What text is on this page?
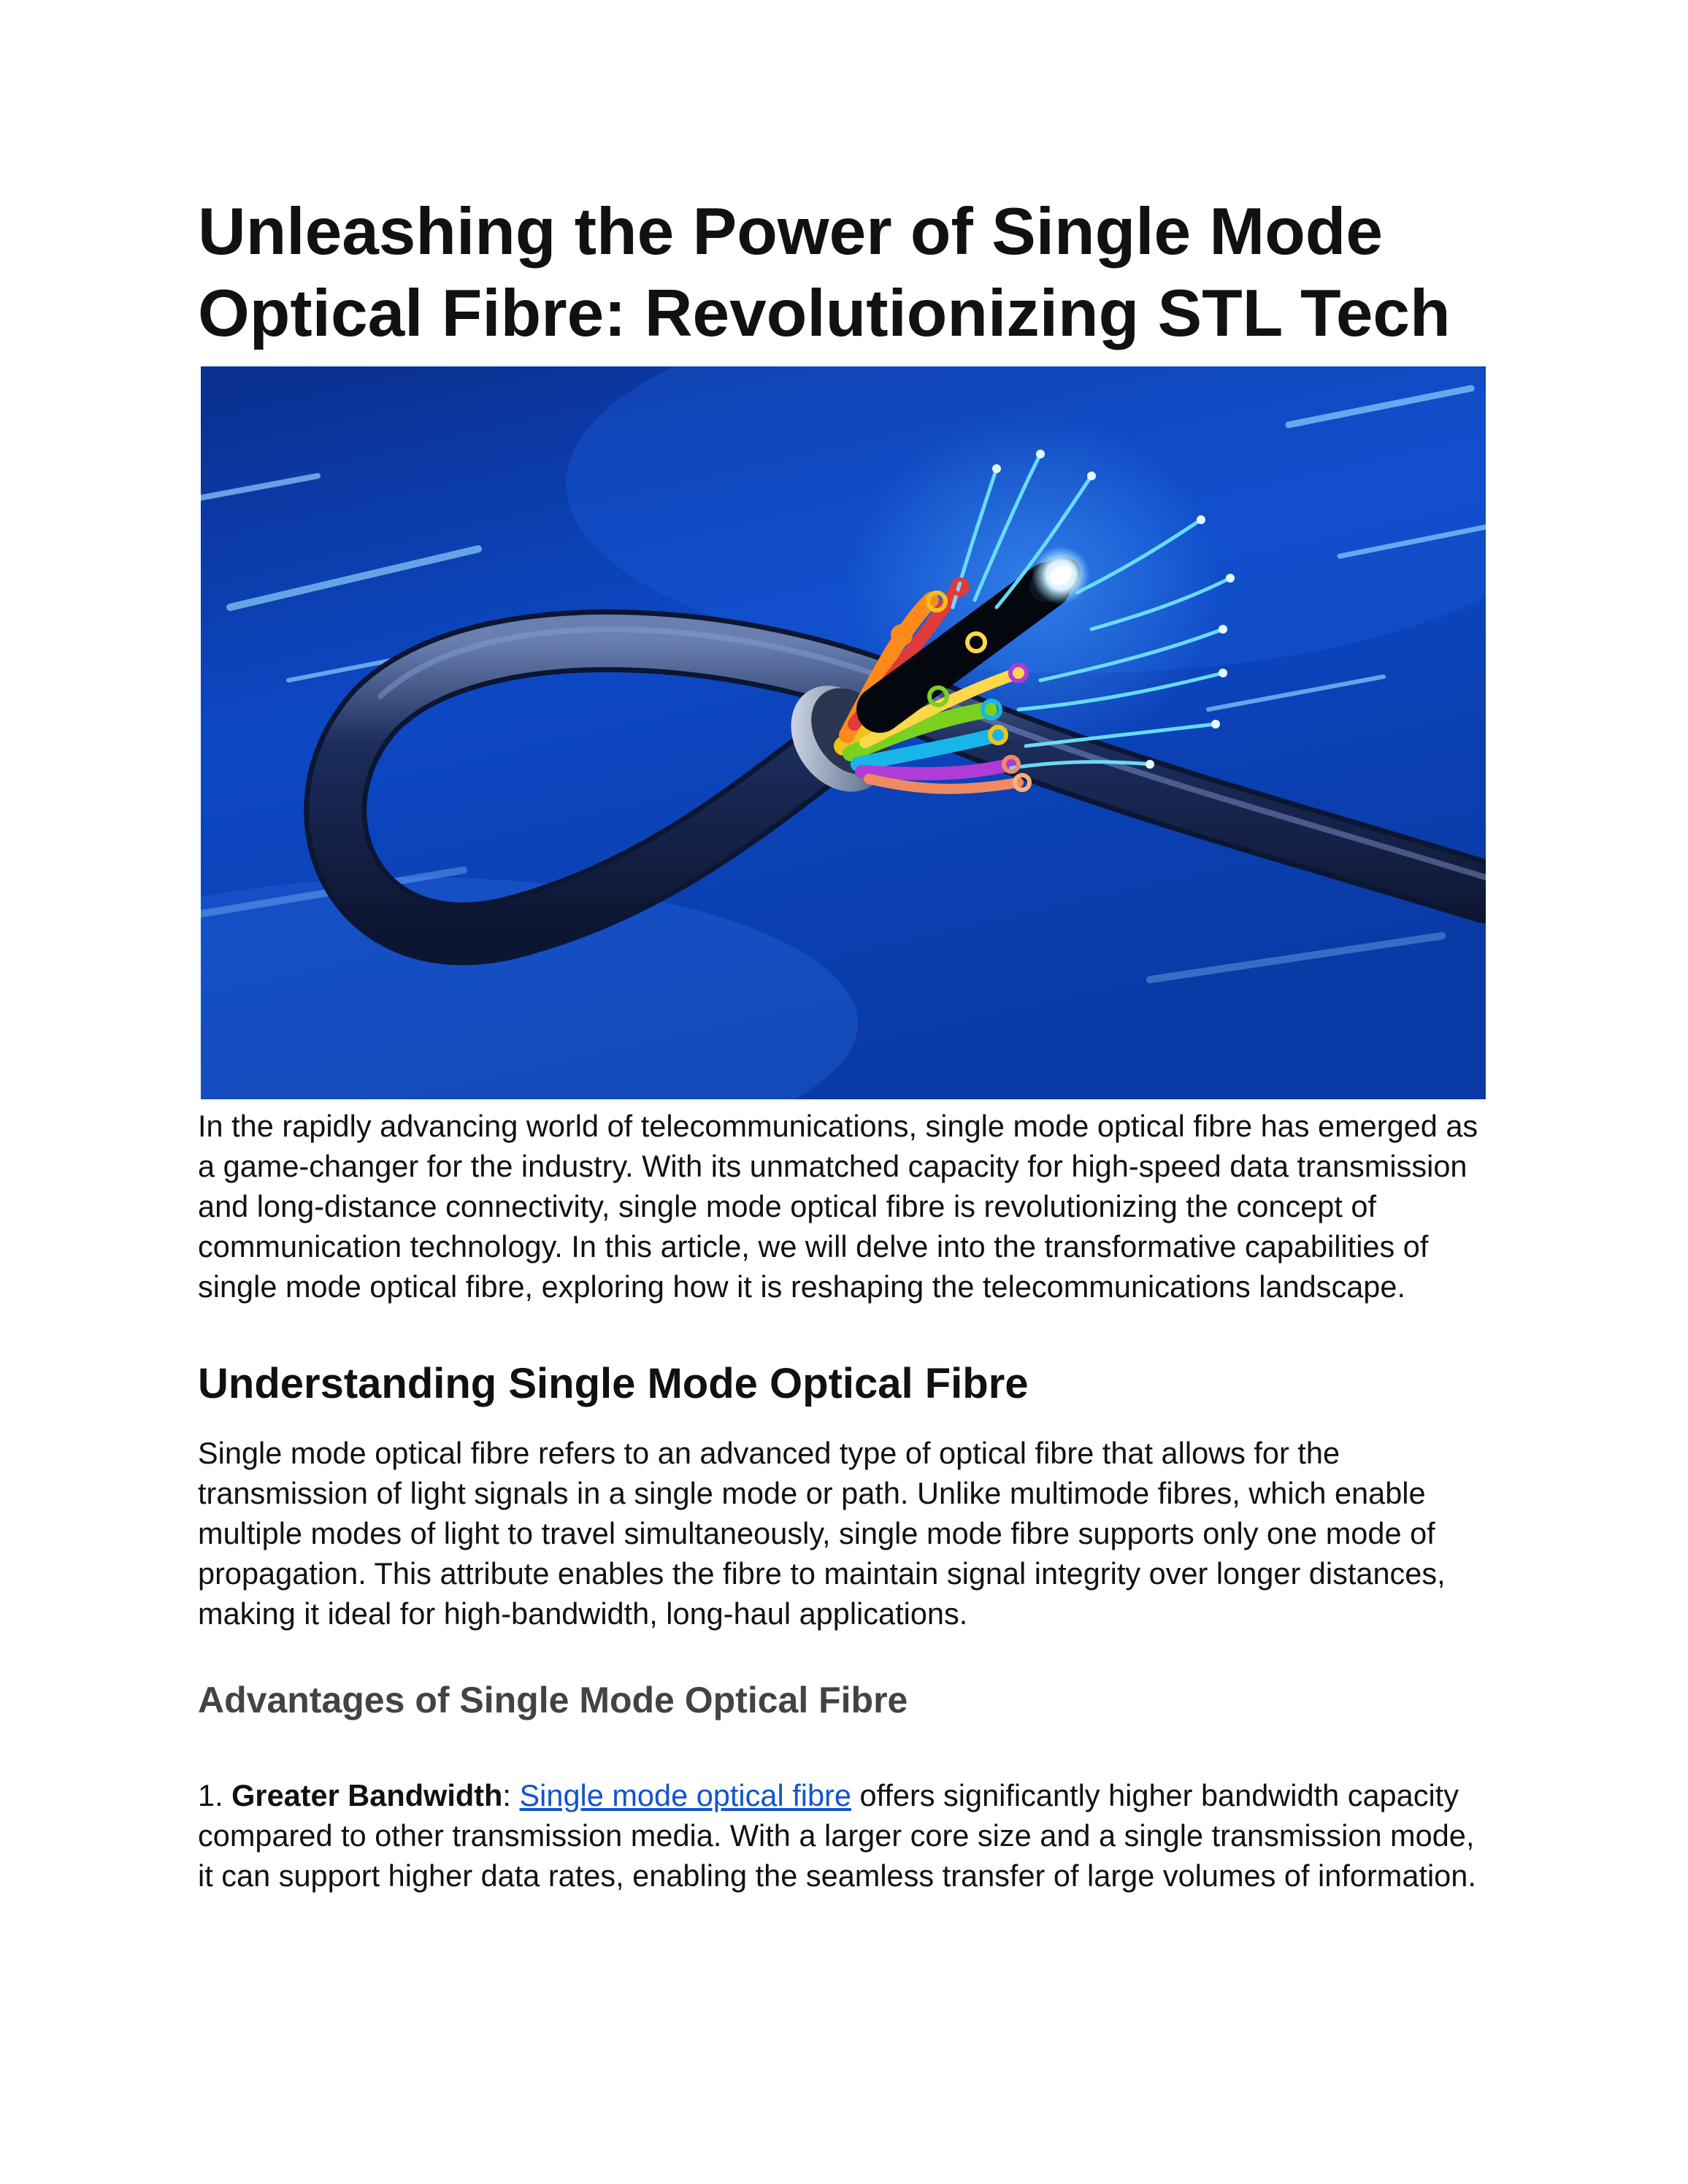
Unleashing the Power of Single Mode Optical Fibre: Revolutionizing STL Tech

In the rapidly advancing world of telecommunications, single mode optical fibre has emerged as a game-changer for the industry. With its unmatched capacity for high-speed data transmission and long-distance connectivity, single mode optical fibre is revolutionizing the concept of communication technology. In this article, we will delve into the transformative capabilities of single mode optical fibre, exploring how it is reshaping the telecommunications landscape.

Understanding Single Mode Optical Fibre

Single mode optical fibre refers to an advanced type of optical fibre that allows for the transmission of light signals in a single mode or path. Unlike multimode fibres, which enable multiple modes of light to travel simultaneously, single mode fibre supports only one mode of propagation. This attribute enables the fibre to maintain signal integrity over longer distances, making it ideal for high-bandwidth, long-haul applications.

Advantages of Single Mode Optical Fibre

1. Greater Bandwidth: Single mode optical fibre offers significantly higher bandwidth capacity compared to other transmission media. With a larger core size and a single transmission mode, it can support higher data rates, enabling the seamless transfer of large volumes of information.
